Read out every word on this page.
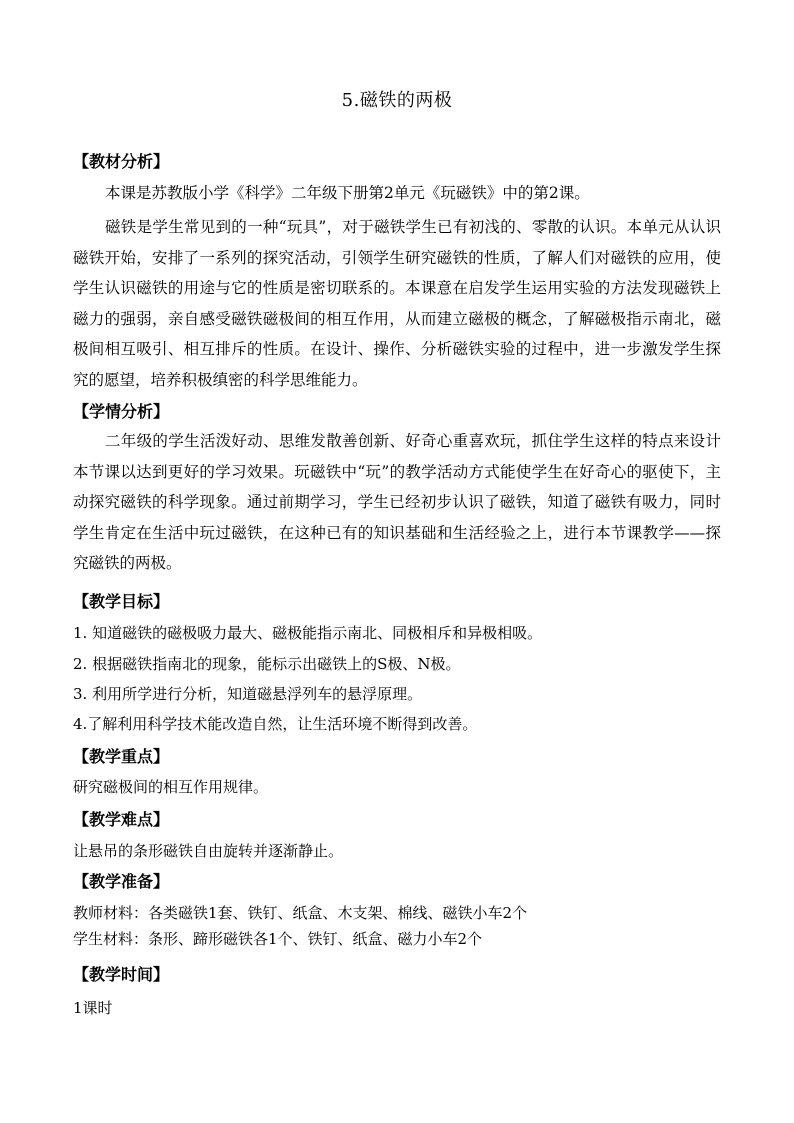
5.磁铁的两极
【教材分析】

本课是苏教版小学《科学》二年级下册第2单元《玩磁铁》中的第2课。

磁铁是学生常见到的一种“玩具”，对于磁铁学生已有初浅的、零散的认识。本单元从认识磁铁开始，安排了一系列的探究活动，引领学生研究磁铁的性质，了解人们对磁铁的应用，使学生认识磁铁的用途与它的性质是密切联系的。本课意在启发学生运用实验的方法发现磁铁上磁力的强弱，亲自感受磁铁磁极间的相互作用，从而建立磁极的概念，了解磁极指示南北，磁极间相互吸引、相互排斥的性质。在设计、操作、分析磁铁实验的过程中，进一步激发学生探究的愿望，培养积极缜密的科学思维能力。

【学情分析】

二年级的学生活泼好动、思维发散善创新、好奇心重喜欢玩，抓住学生这样的特点来设计本节课以达到更好的学习效果。玩磁铁中“玩”的教学活动方式能使学生在好奇心的驱使下，主动探究磁铁的科学现象。通过前期学习，学生已经初步认识了磁铁，知道了磁铁有吸力，同时学生肯定在生活中玩过磁铁，在这种已有的知识基础和生活经验之上，进行本节课教学——探究磁铁的两极。

【教学目标】

1. 知道磁铁的磁极吸力最大、磁极能指示南北、同极相斥和异极相吸。

2. 根据磁铁指南北的现象，能标示出磁铁上的S极、N极。

3. 利用所学进行分析，知道磁悬浮列车的悬浮原理。

4.了解利用科学技术能改造自然，让生活环境不断得到改善。

【教学重点】

研究磁极间的相互作用规律。

【教学难点】

让悬吊的条形磁铁自由旋转并逐渐静止。

【教学准备】

教师材料：各类磁铁1套、铁钉、纸盒、木支架、棉线、磁铁小车2个

学生材料：条形、蹄形磁铁各1个、铁钉、纸盒、磁力小车2个

【教学时间】

1课时
